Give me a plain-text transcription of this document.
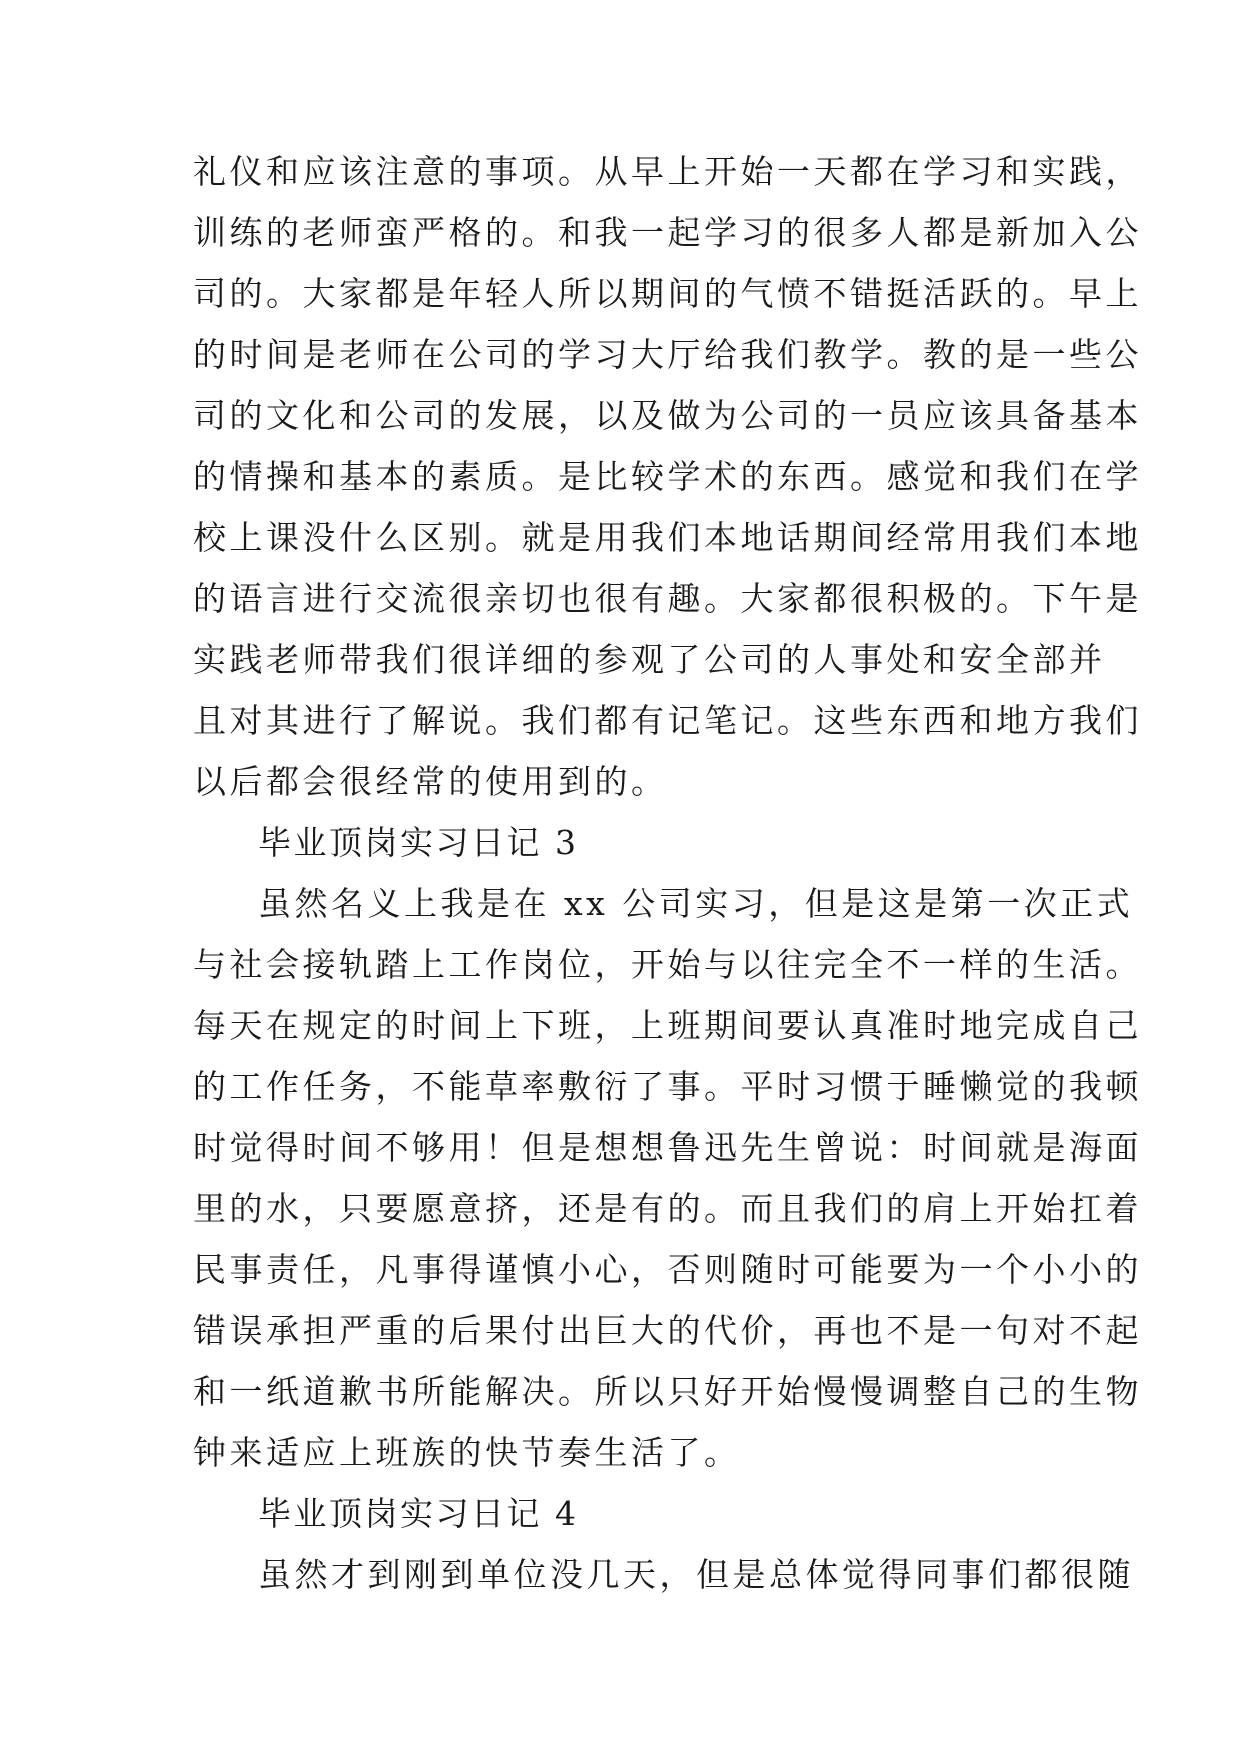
礼仪和应该注意的事项。从早上开始一天都在学习和实践，
训练的老师蛮严格的。和我一起学习的很多人都是新加入公
司的。大家都是年轻人所以期间的气愤不错挺活跃的。早上
的时间是老师在公司的学习大厅给我们教学。教的是一些公
司的文化和公司的发展，以及做为公司的一员应该具备基本
的情操和基本的素质。是比较学术的东西。感觉和我们在学
校上课没什么区别。就是用我们本地话期间经常用我们本地
的语言进行交流很亲切也很有趣。大家都很积极的。下午是
实践老师带我们很详细的参观了公司的人事处和安全部并
且对其进行了解说。我们都有记笔记。这些东西和地方我们
以后都会很经常的使用到的。
毕业顶岗实习日记 3
虽然名义上我是在 xx 公司实习，但是这是第一次正式
与社会接轨踏上工作岗位，开始与以往完全不一样的生活。
每天在规定的时间上下班，上班期间要认真准时地完成自己
的工作任务，不能草率敷衍了事。平时习惯于睡懒觉的我顿
时觉得时间不够用！但是想想鲁迅先生曾说：时间就是海面
里的水，只要愿意挤，还是有的。而且我们的肩上开始扛着
民事责任，凡事得谨慎小心，否则随时可能要为一个小小的
错误承担严重的后果付出巨大的代价，再也不是一句对不起
和一纸道歉书所能解决。所以只好开始慢慢调整自己的生物
钟来适应上班族的快节奏生活了。
毕业顶岗实习日记 4
虽然才到刚到单位没几天，但是总体觉得同事们都很随
